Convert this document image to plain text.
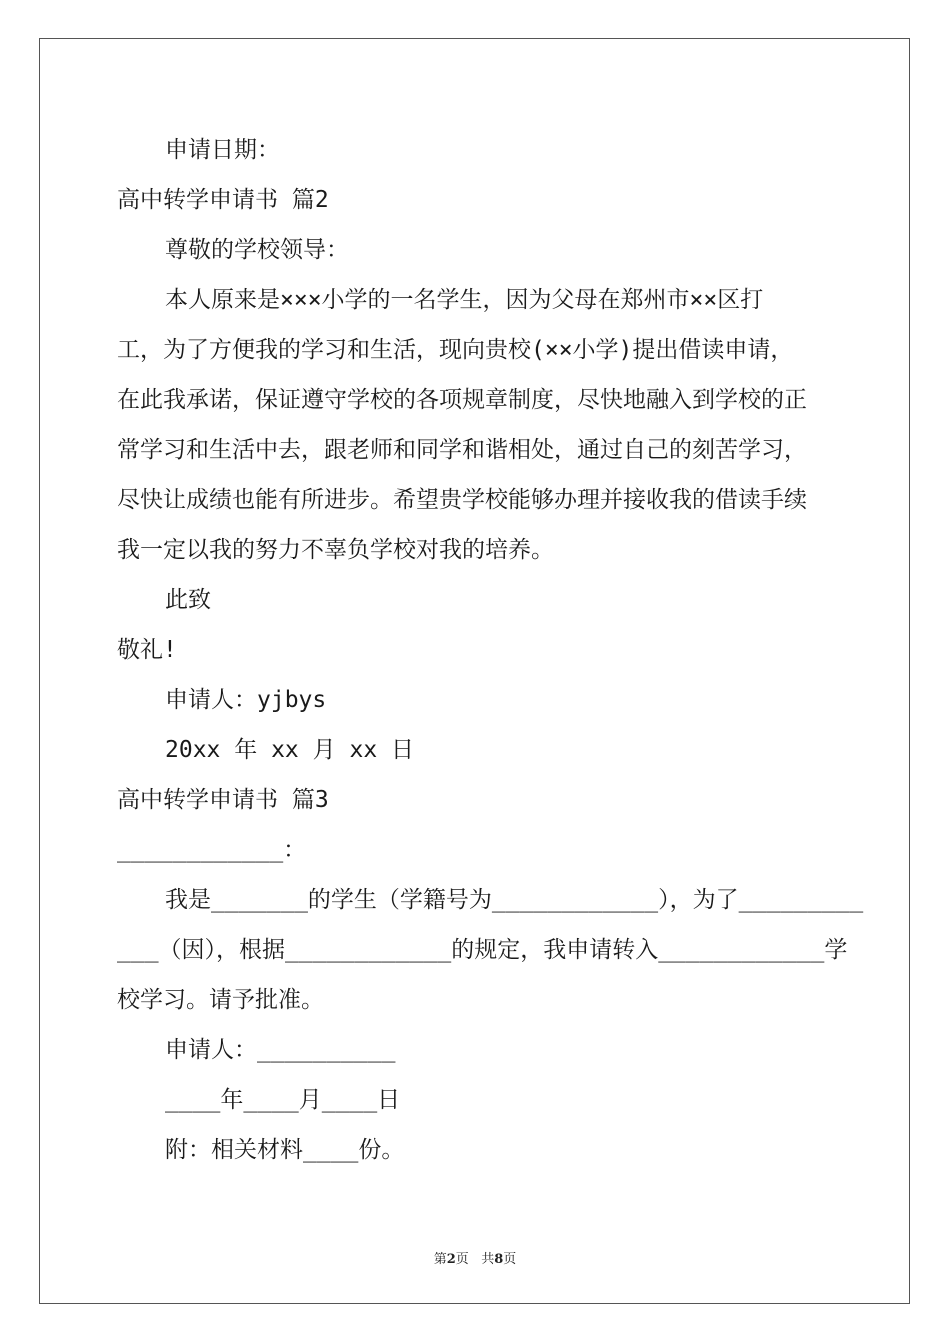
申请日期：
高中转学申请书 篇2
尊敬的学校领导：
本人原来是×××小学的一名学生，因为父母在郑州市××区打
工，为了方便我的学习和生活，现向贵校(××小学)提出借读申请，
在此我承诺，保证遵守学校的各项规章制度，尽快地融入到学校的正
常学习和生活中去，跟老师和同学和谐相处，通过自己的刻苦学习，
尽快让成绩也能有所进步。希望贵学校能够办理并接收我的借读手续
我一定以我的努力不辜负学校对我的培养。
此致
敬礼!
申请人：yjbys
20xx 年 xx 月 xx 日
高中转学申请书 篇3
____________：
我是_______的学生（学籍号为____________），为了_________
___（因），根据____________的规定，我申请转入____________学
校学习。请予批准。
申请人：__________
____年____月____日
附：相关材料____份。
第2页 共8页
